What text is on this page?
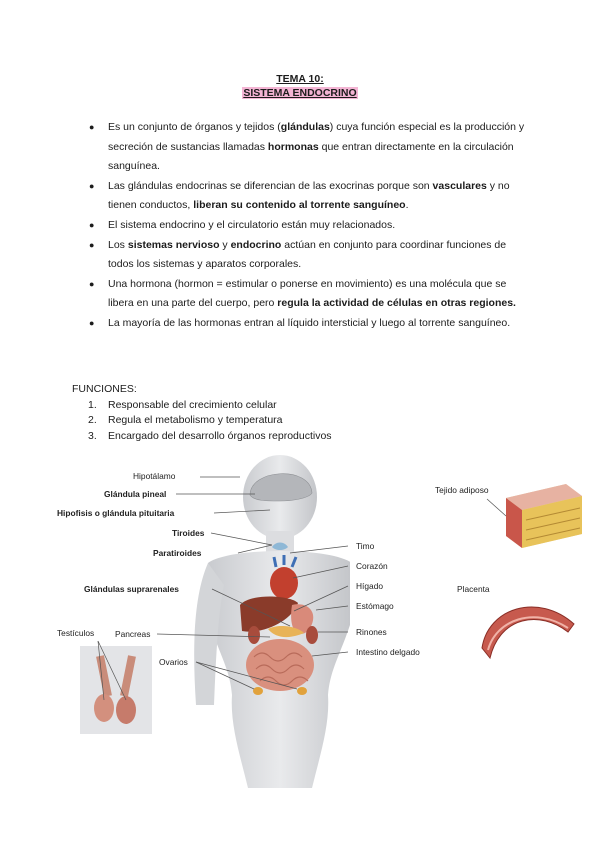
TEMA 10:
SISTEMA ENDOCRINO
● Es un conjunto de órganos y tejidos (glándulas) cuya función especial es la producción y secreción de sustancias llamadas hormonas que entran directamente en la circulación sanguínea.
● Las glándulas endocrinas se diferencian de las exocrinas porque son vasculares y no tienen conductos, liberan su contenido al torrente sanguíneo.
● El sistema endocrino y el circulatorio están muy relacionados.
● Los sistemas nervioso y endocrino actúan en conjunto para coordinar funciones de todos los sistemas y aparatos corporales.
● Una hormona (hormon = estimular o ponerse en movimiento) es una molécula que se libera en una parte del cuerpo, pero regula la actividad de células en otras regiones.
● La mayoría de las hormonas entran al líquido intersticial y luego al torrente sanguíneo.
FUNCIONES:
1. Responsable del crecimiento celular
2. Regula el metabolismo y temperatura
3. Encargado del desarrollo órganos reproductivos
Hipotálamo
Glándula pineal
Hipofisis o glándula pituitaria
Tiroides
Paratiroides
Glándulas suprarenales
Testículos Pancreas
Ovarios
Timo
Corazón
Hígado
Estómago
Rinones
Intestino delgado
Tejido adiposo
Placenta
